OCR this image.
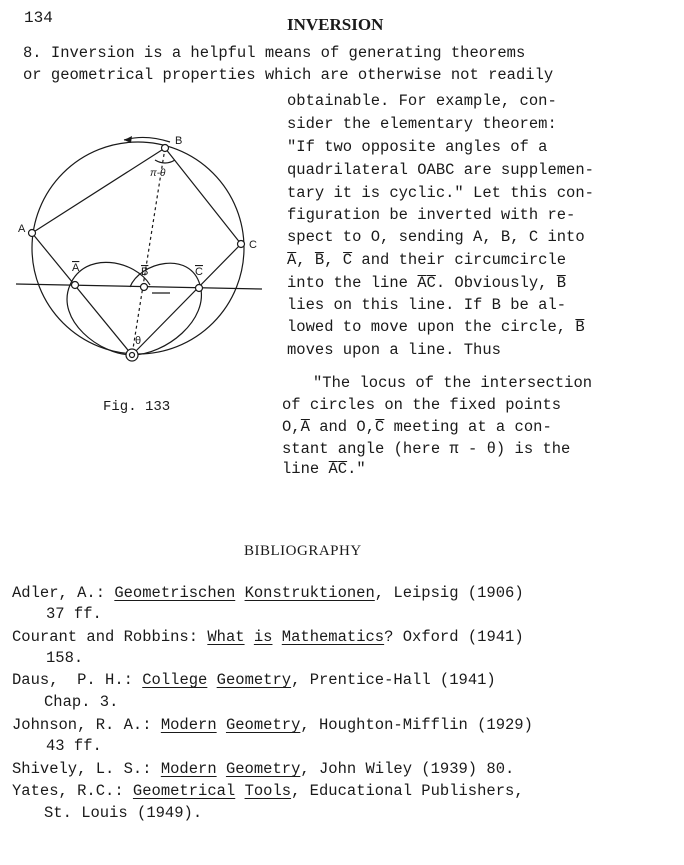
134	INVERSION
8. Inversion is a helpful means of generating theorems
or geometrical properties which are otherwise not readily
obtainable. For example, con-
sider the elementary theorem:
"If two opposite angles of a
quadrilateral OABC are supplemen-
tary it is cyclic." Let this con-
figuration be inverted with re-
spect to O, sending A, B, C into
A̅, B̅, C̅ and their circumcircle
into the line A̅C̅. Obviously, B̅
lies on this line. If B be al-
lowed to move upon the circle, B̅
moves upon a line. Thus
"The locus of the intersection
of circles on the fixed points
O,A̅ and O,C̅ meeting at a con-
stant angle (here π - θ) is the
line A̅C̅."
A
B
C
θ
π-θ
A	B	C
Fig. 133
BIBLIOGRAPHY
Adler, A.: Geometrischen Konstruktionen, Leipsig (1906)
37 ff.
Courant and Robbins: What is Mathematics? Oxford (1941)
158.
Daus,  P. H.: College Geometry, Prentice-Hall (1941)
Chap. 3.
Johnson, R. A.: Modern Geometry, Houghton-Mifflin (1929)
43 ff.
Shively, L. S.: Modern Geometry, John Wiley (1939) 80.
Yates, R.C.: Geometrical Tools, Educational Publishers,
St. Louis (1949).
